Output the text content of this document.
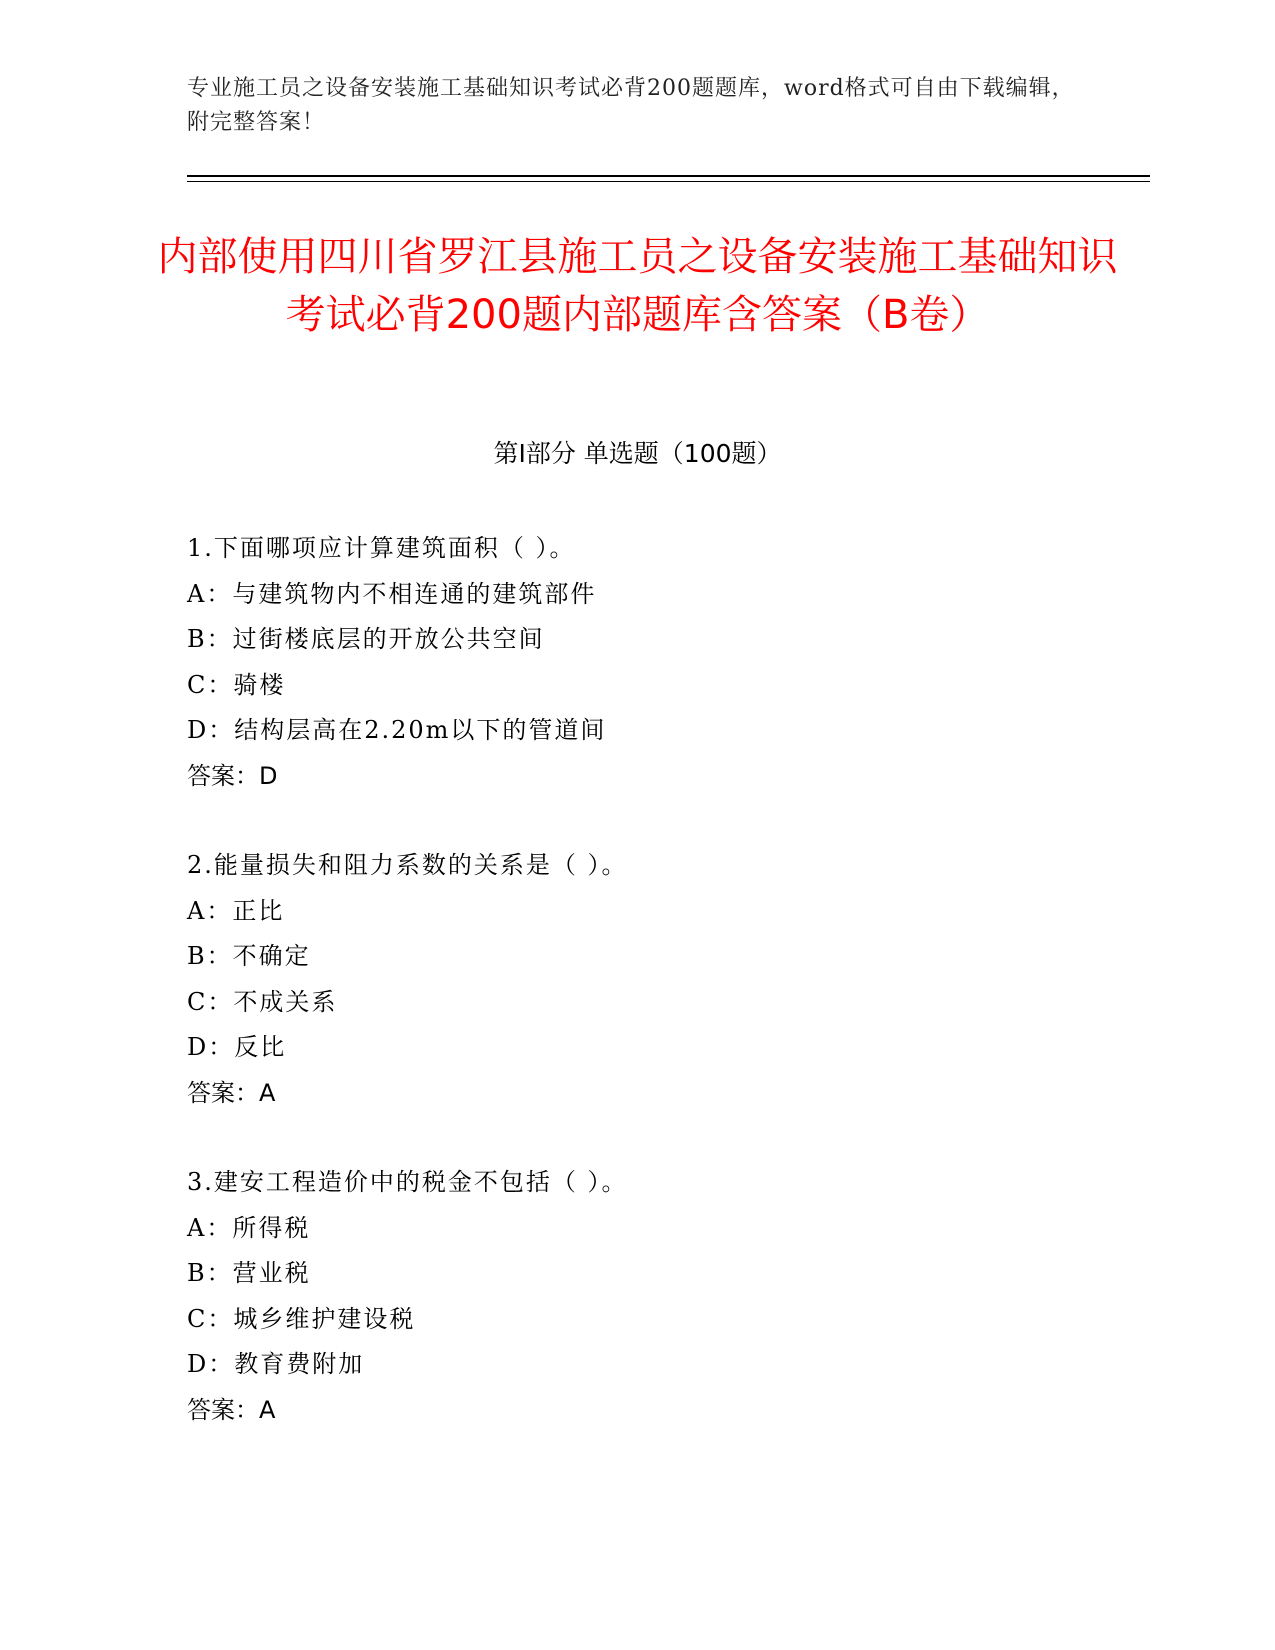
专业施工员之设备安装施工基础知识考试必背200题题库，word格式可自由下载编辑，附完整答案！
内部使用四川省罗江县施工员之设备安装施工基础知识考试必背200题内部题库含答案（B卷）
第I部分 单选题（100题）
1.下面哪项应计算建筑面积（ ）。
A：与建筑物内不相连通的建筑部件
B：过街楼底层的开放公共空间
C：骑楼
D：结构层高在2.20m以下的管道间
答案：D
2.能量损失和阻力系数的关系是（ ）。
A：正比
B：不确定
C：不成关系
D：反比
答案：A
3.建安工程造价中的税金不包括（ ）。
A：所得税
B：营业税
C：城乡维护建设税
D：教育费附加
答案：A
